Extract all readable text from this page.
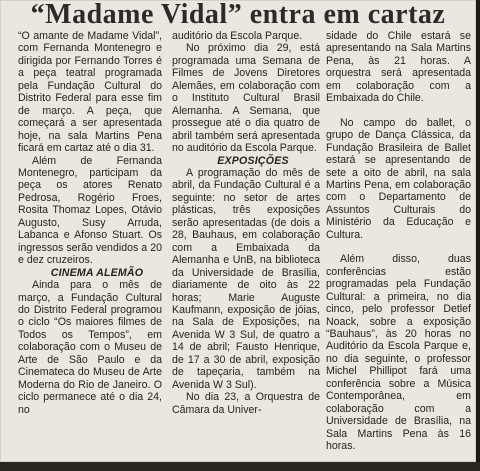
“Madame Vidal” entra em cartaz

“O amante de Madame Vidal”, com Fernanda Montenegro e dirigida por Fernando Torres é a peça teatral programada pela Fundação Cultural do Distrito Federal para esse fim de março. A peça, que começará a ser apresentada hoje, na sala Martins Pena ficará em cartaz até o dia 31.

Além de Fernanda Montenegro, participam da peça os atores Renato Pedrosa, Rogério Froes, Rosita Thomaz Lopes, Otávio Augusto, Susy Arruda, Labanca e Afonso Stuart. Os ingressos serão vendidos a 20 e dez cruzeiros.

CINEMA ALEMÃO

Ainda para o mês de março, a Fundação Cultural do Distrito Federal programou o ciclo “Os maiores filmes de Todos os Tempos”, em colaboração com o Museu de Arte de São Paulo e da Cinemateca do Museu de Arte Moderna do Rio de Janeiro. O ciclo permanece até o dia 24, no

auditório da Escola Parque.

No próximo dia 29, está programada uma Semana de Filmes de Jovens Diretores Alemães, em colaboração com o Instituto Cultural Brasil Alemanha. A Semana, que prossegue até o dia quatro de abril também será apresentada no auditório da Escola Parque.

EXPOSIÇÕES

A programação do mês de abril, da Fundação Cultural é a seguinte: no setor de artes plásticas, três exposições serão apresentadas (de dois a 28, Bauhaus, em colaboração com a Embaixada da Alemanha e UnB, na biblioteca da Universidade de Brasília, diariamente de oito às 22 horas; Marie Auguste Kaufmann, exposição de jóias, na Sala de Exposições, na Avenida W 3 Sul, de quatro a 14 de abril; Fausto Henrique, de 17 a 30 de abril, exposição de tapeçaria, também na Avenida W 3 Sul).

No dia 23, a Orquestra de Câmara da Univer-

sidade do Chile estará se apresentando na Sala Martins Pena, às 21 horas. A orquestra será apresentada em colaboração com a Embaixada do Chile.

No campo do ballet, o grupo de Dança Clássica, da Fundação Brasileira de Ballet estará se apresentando de sete a oito de abril, na sala Martins Pena, em colaboração com o Departamento de Assuntos Culturais do Ministério da Educação e Cultura.

Além disso, duas conferências estão programadas pela Fundação Cultural: a primeira, no dia cinco, pelo professor Detlef Noack, sobre a exposição “Bauhaus”, às 20 horas no Auditório da Escola Parque e, no dia seguinte, o professor Michel Phillipot fará uma conferência sobre a Música Contemporânea, em colaboração com a Universidade de Brasília, na Sala Martins Pena às 16 horas.
